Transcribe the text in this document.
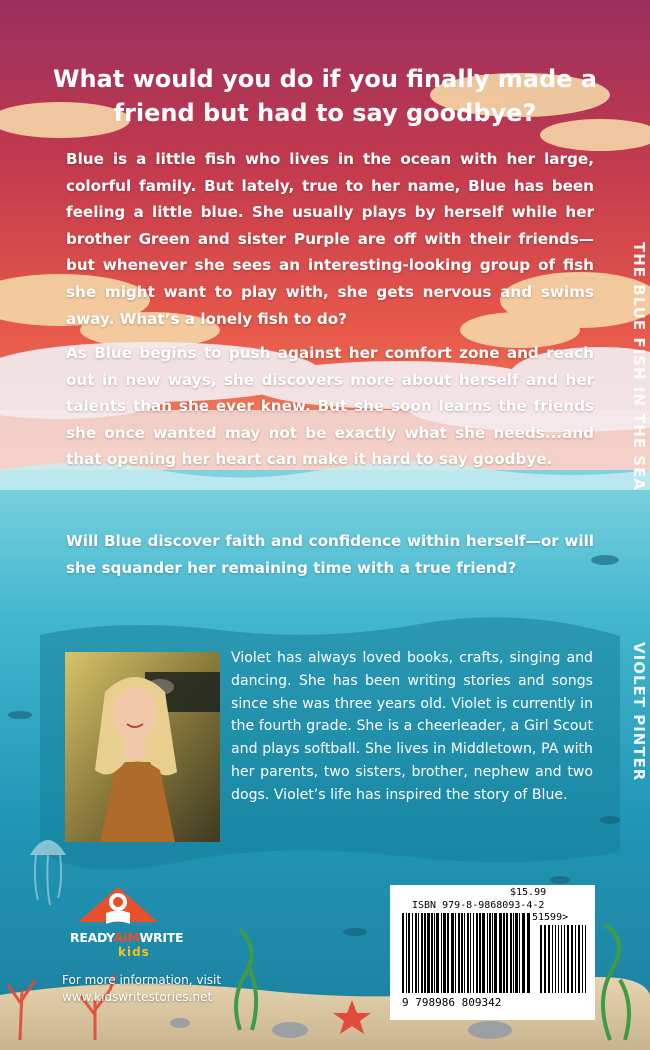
What would you do if you finally made a friend but had to say goodbye?

Blue is a little fish who lives in the ocean with her large, colorful family. But lately, true to her name, Blue has been feeling a little blue. She usually plays by herself while her brother Green and sister Purple are off with their friends—but whenever she sees an interesting-looking group of fish she might want to play with, she gets nervous and swims away. What’s a lonely fish to do?

As Blue begins to push against her comfort zone and reach out in new ways, she discovers more about herself and her talents than she ever knew. But she soon learns the friends she once wanted may not be exactly what she needs...and that opening her heart can make it hard to say goodbye.

Will Blue discover faith and confidence within herself—or will she squander her remaining time with a true friend?

THE BLUE FISH IN THE SEA
VIOLET PINTER

Violet has always loved books, crafts, singing and dancing. She has been writing stories and songs since she was three years old. Violet is currently in the fourth grade. She is a cheerleader, a Girl Scout and plays softball. She lives in Middletown, PA with her parents, two sisters, brother, nephew and two dogs. Violet’s life has inspired the story of Blue.

READYAIMWRITE
kids
For more information, visit
www.kidswritestories.net
$15.99
ISBN 979-8-9868093-4-2
51599>
9 798986 809342
